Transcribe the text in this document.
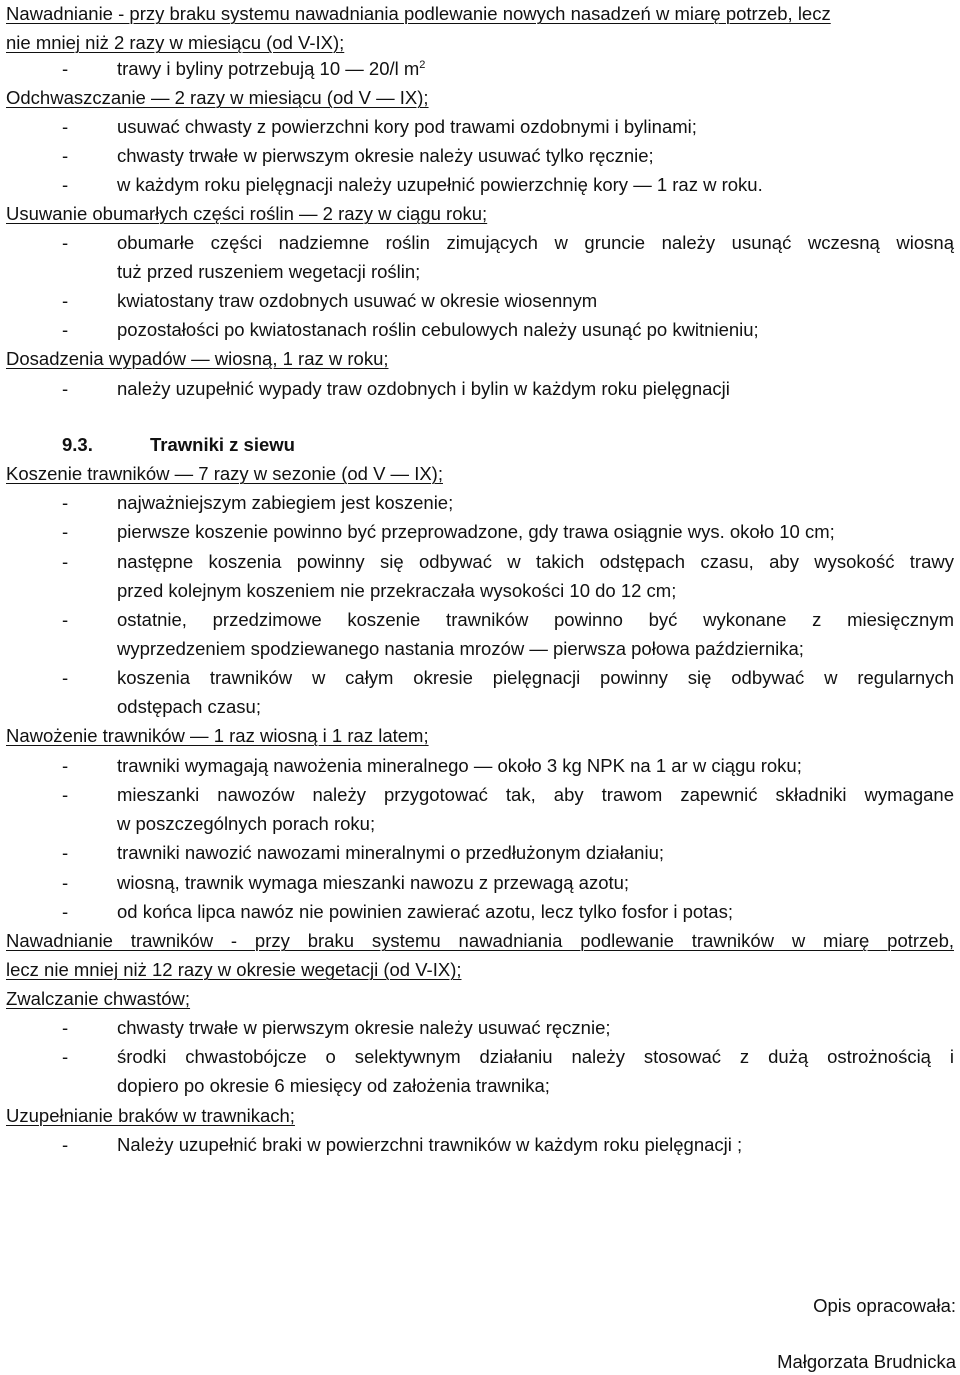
Nawadnianie - przy braku systemu nawadniania podlewanie nowych nasadzeń w miarę potrzeb, lecz
nie mniej niż 2 razy w miesiącu (od V-IX);
-	trawy i byliny potrzebują 10 — 20/l $m^2$
Odchwaszczanie — 2 razy w miesiącu (od V — IX);
-	usuwać chwasty z powierzchni kory pod trawami ozdobnymi i bylinami;
-	chwasty trwałe w pierwszym okresie należy usuwać tylko ręcznie;
-	w każdym roku pielęgnacji należy uzupełnić powierzchnię kory — 1 raz w roku.
Usuwanie obumarłych części roślin — 2 razy w ciągu roku;
-	obumarłe części nadziemne roślin zimujących w gruncie należy usunąć wczesną wiosną
tuż przed ruszeniem wegetacji roślin;
-	kwiatostany traw ozdobnych usuwać w okresie wiosennym
-	pozostałości po kwiatostanach roślin cebulowych należy usunąć po kwitnieniu;
Dosadzenia wypadów — wiosną, 1 raz w roku;
-	należy uzupełnić wypady traw ozdobnych i bylin w każdym roku pielęgnacji
9.3.	Trawniki z siewu
Koszenie trawników — 7 razy w sezonie (od V — IX);
-	najważniejszym zabiegiem jest koszenie;
-	pierwsze koszenie powinno być przeprowadzone, gdy trawa osiągnie wys. około 10 cm;
-	następne koszenia powinny się odbywać w takich odstępach czasu, aby wysokość trawy
przed kolejnym koszeniem nie przekraczała wysokości 10 do 12 cm;
-	ostatnie, przedzimowe koszenie trawników powinno być wykonane z miesięcznym
wyprzedzeniem spodziewanego nastania mrozów — pierwsza połowa października;
-	koszenia trawników w całym okresie pielęgnacji powinny się odbywać w regularnych
odstępach czasu;
Nawożenie trawników — 1 raz wiosną i 1 raz latem;
-	trawniki wymagają nawożenia mineralnego — około 3 kg NPK na 1 ar w ciągu roku;
-	mieszanki nawozów należy przygotować tak, aby trawom zapewnić składniki wymagane
w poszczególnych porach roku;
-	trawniki nawozić nawozami mineralnymi o przedłużonym działaniu;
-	wiosną, trawnik wymaga mieszanki nawozu z przewagą azotu;
-	od końca lipca nawóz nie powinien zawierać azotu, lecz tylko fosfor i potas;
Nawadnianie trawników - przy braku systemu nawadniania podlewanie trawników w miarę potrzeb,
lecz nie mniej niż 12 razy w okresie wegetacji (od V-IX);
Zwalczanie chwastów;
-	chwasty trwałe w pierwszym okresie należy usuwać ręcznie;
-	środki chwastobójcze o selektywnym działaniu należy stosować z dużą ostrożnością i
dopiero po okresie 6 miesięcy od założenia trawnika;
Uzupełnianie braków w trawnikach;
-	Należy uzupełnić braki w powierzchni trawników w każdym roku pielęgnacji ;
Opis opracowała:
Małgorzata Brudnicka
